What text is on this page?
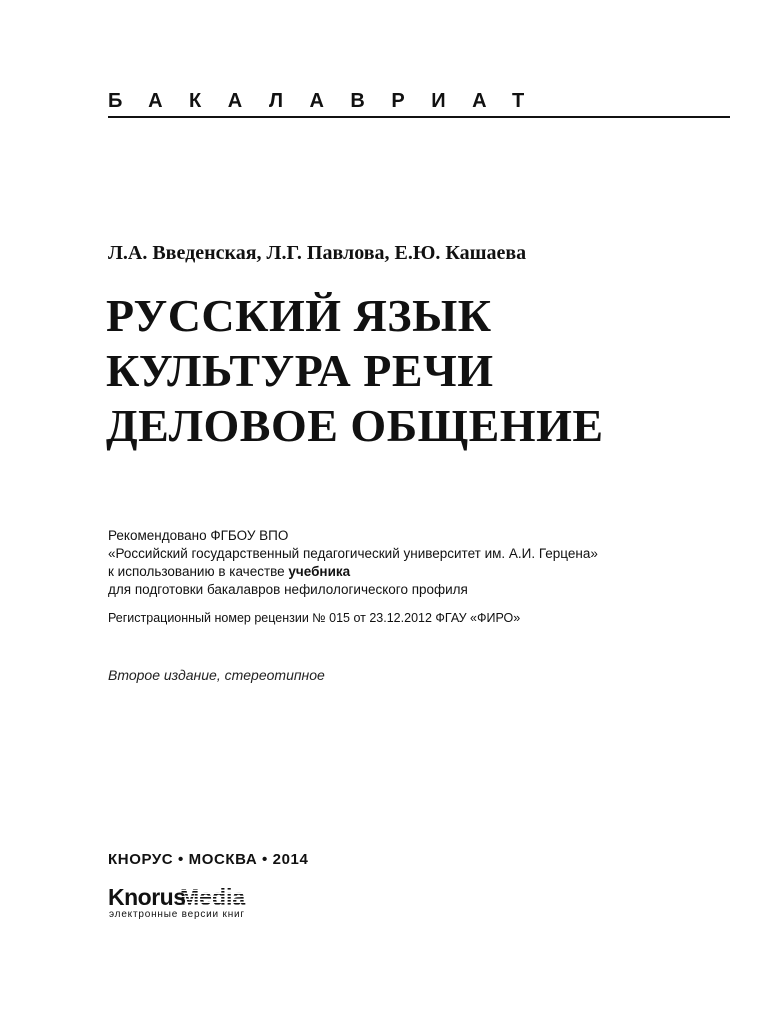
БАКАЛАВРИАТ
Л.А. Введенская, Л.Г. Павлова, Е.Ю. Кашаева
РУССКИЙ ЯЗЫК
КУЛЬТУРА РЕЧИ
ДЕЛОВОЕ ОБЩЕНИЕ
Рекомендовано ФГБОУ ВПО
«Российский государственный педагогический университет им. А.И. Герцена»
к использованию в качестве учебника
для подготовки бакалавров нефилологического профиля
Регистрационный номер рецензии № 015 от 23.12.2012 ФГАУ «ФИРО»
Второе издание, стереотипное
КНОРУС • МОСКВА • 2014
Knorus
Media
электронные версии книг
